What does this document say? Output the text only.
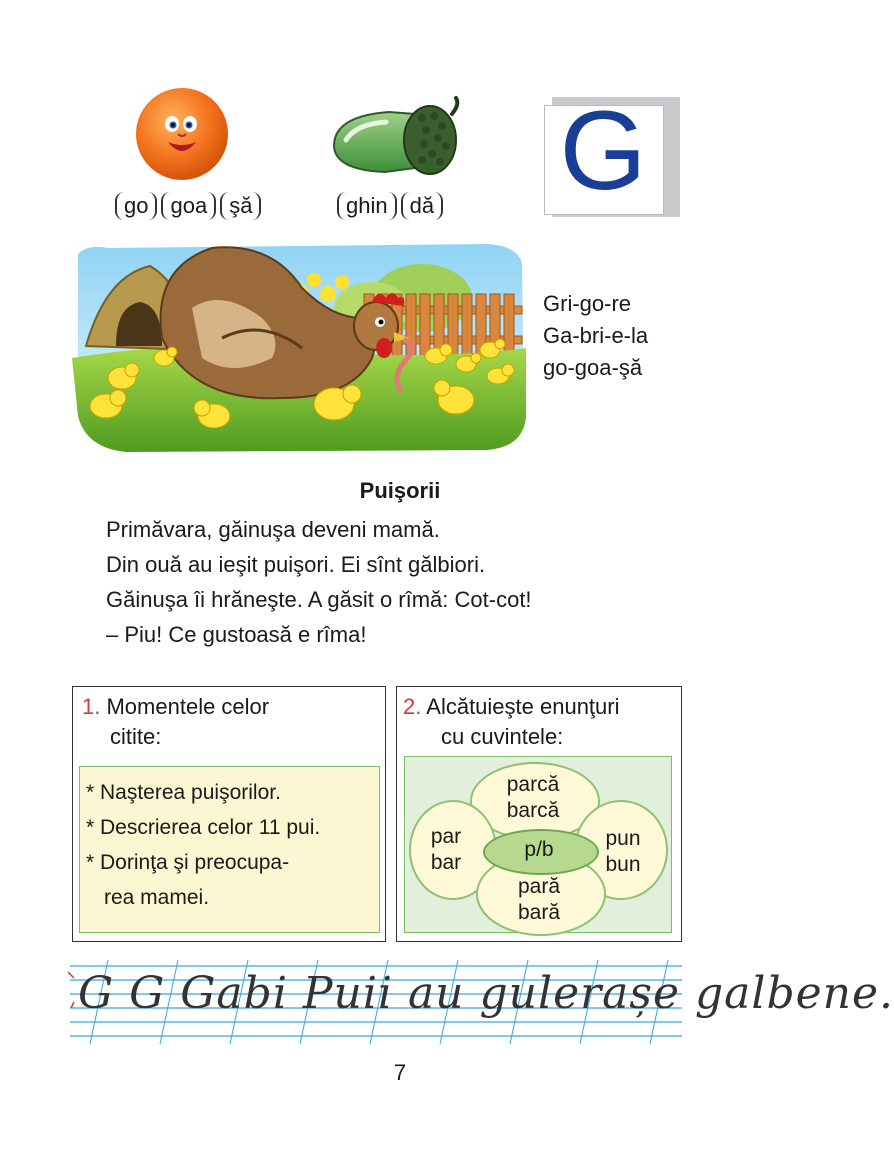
go	goa	şă	ghin	dă G
Gri-go-re
Ga-bri-e-la
go-goa-şă
Puişorii
Primăvara, găinuşa deveni mamă.
Din ouă au ieşit puişori. Ei sînt gălbiori.
Găinuşa îi hrăneşte. A găsit o rîmă: Cot-cot!
– Piu! Ce gustoasă e rîma!
1. Momentele celor
citite:
* Naşterea puişorilor.
* Descrierea celor 11 pui.
* Dorinţa şi preocupa-
rea mamei.
2. Alcătuieşte enunţuri
cu cuvintele:
parcă
barcă
par
bar
pun
bun
pară
bară
p/b
G G Gabi Puii au gulerașe galbene.
7
